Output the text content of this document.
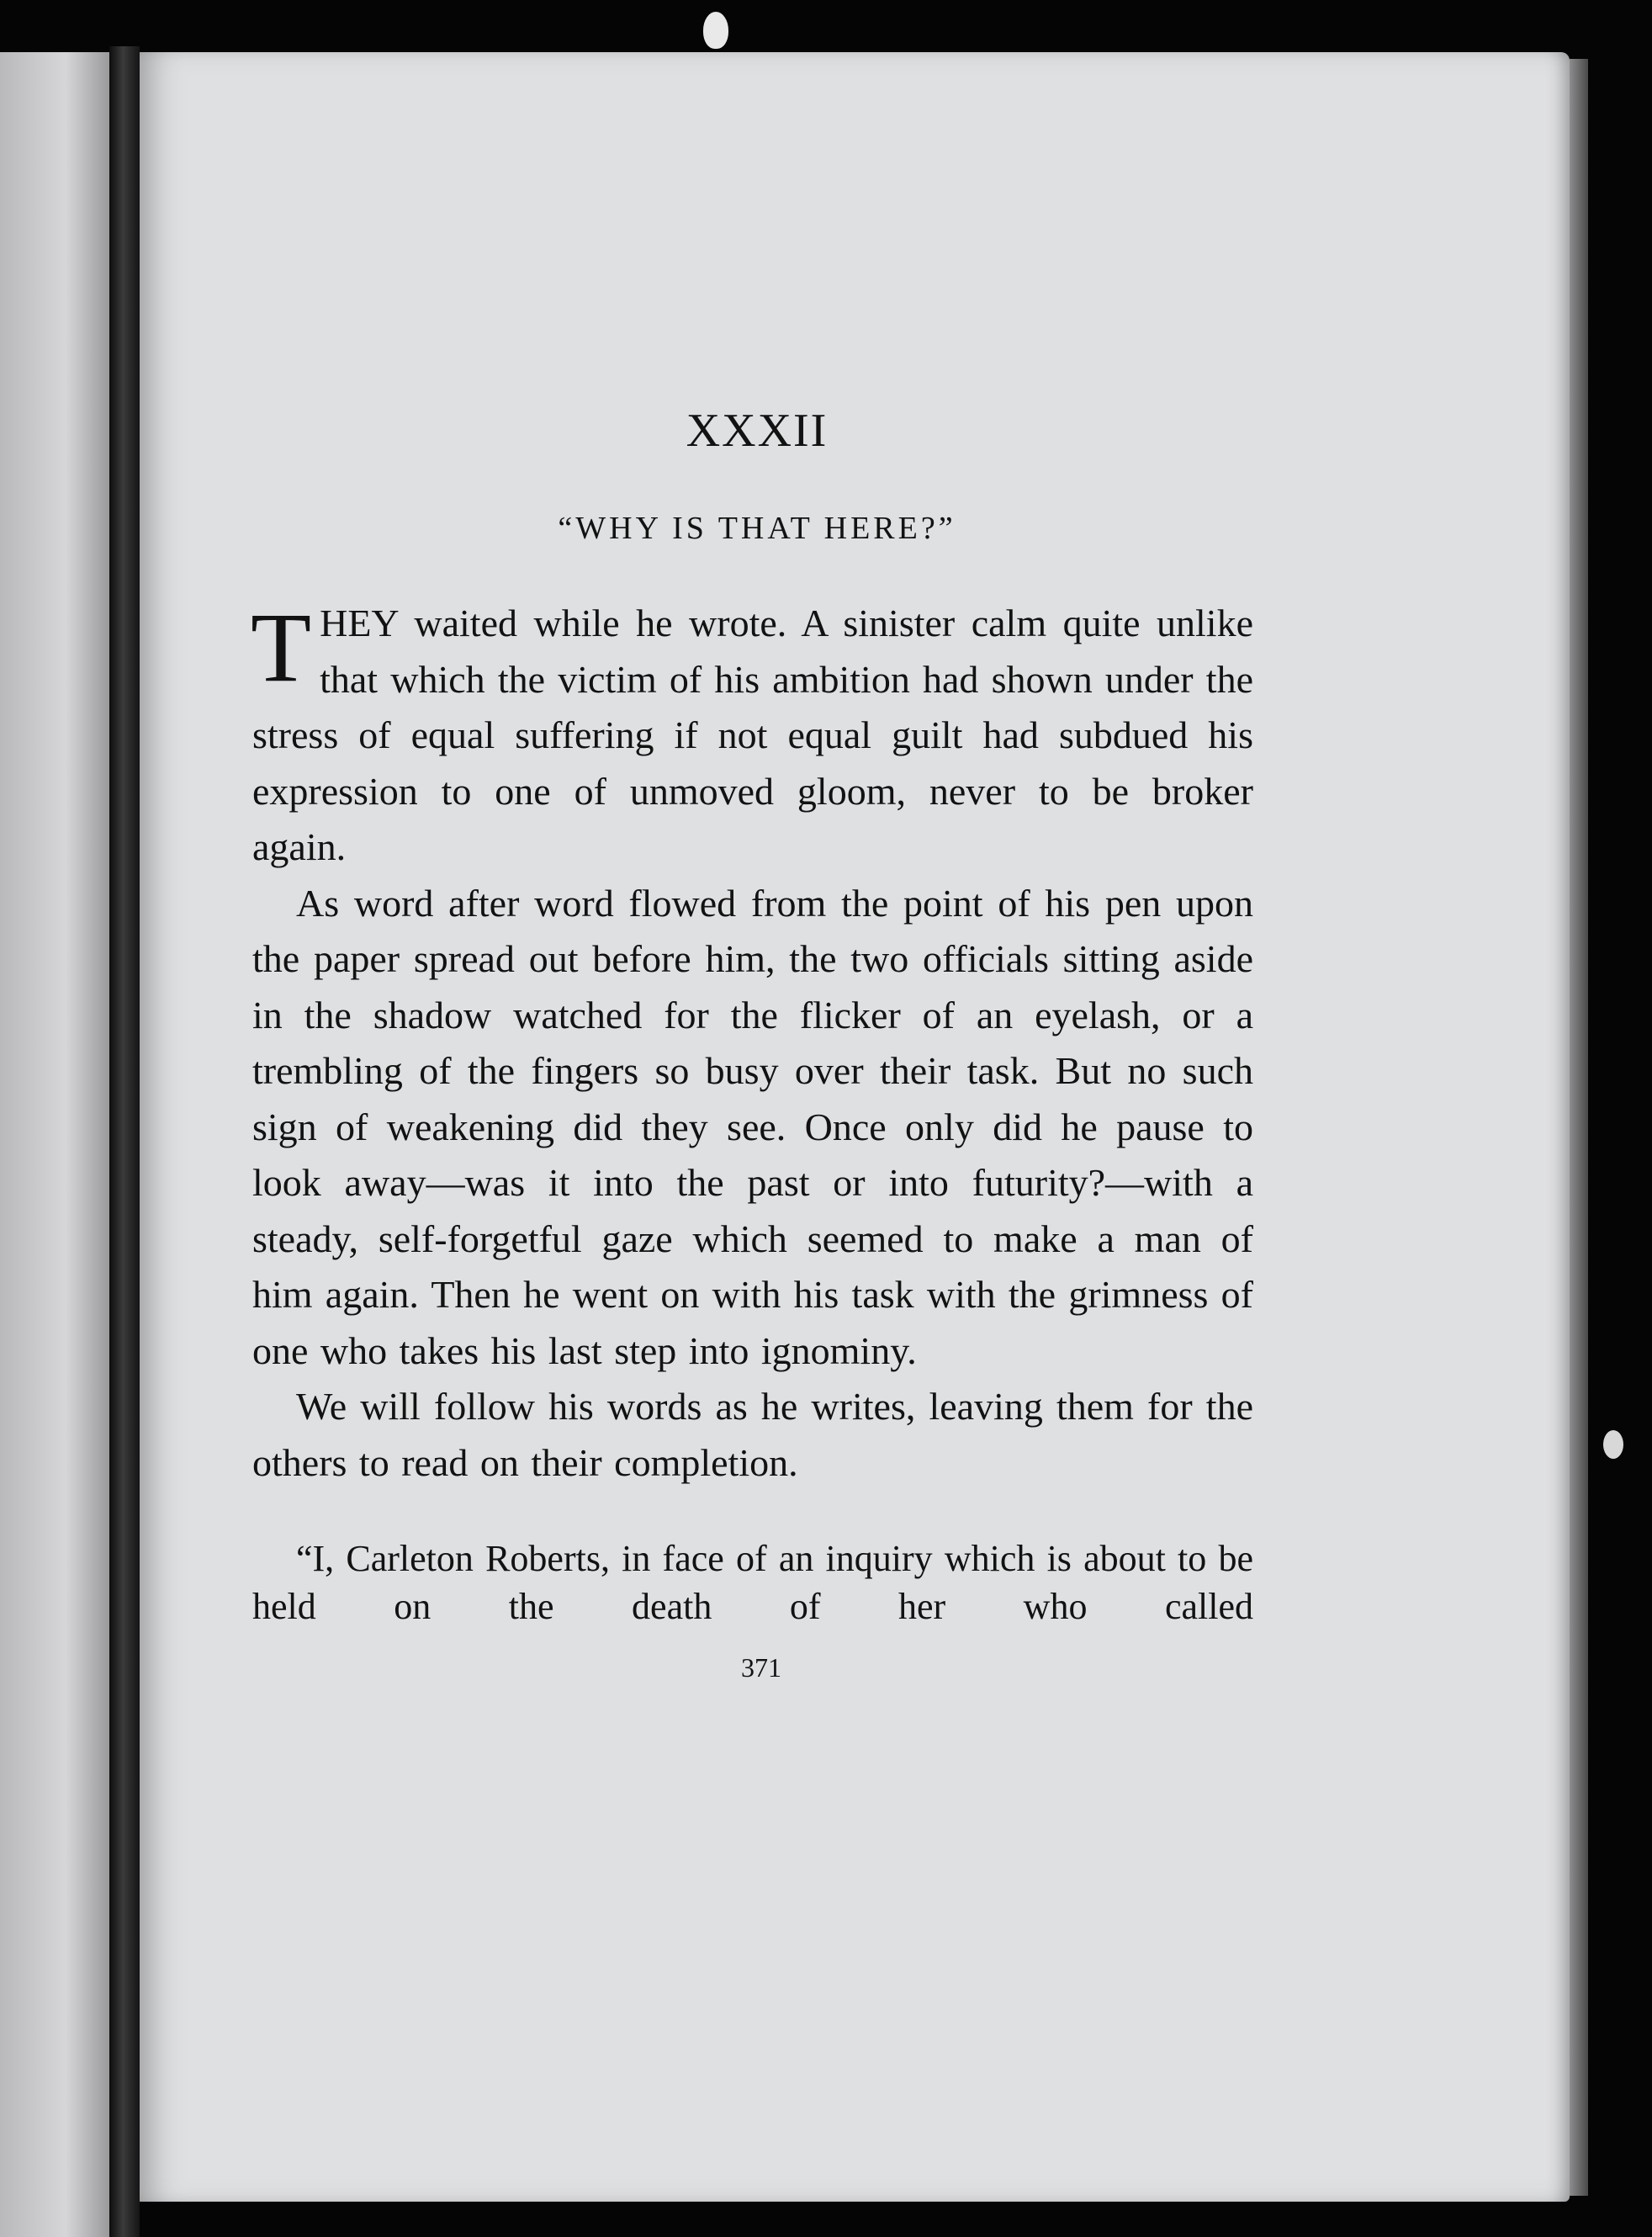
XXXII
“WHY IS THAT HERE?”

THEY waited while he wrote. A sinister calm quite unlike that which the victim of his ambition had shown under the stress of equal suffering if not equal guilt had subdued his expression to one of unmoved gloom, never to be broker again.

As word after word flowed from the point of his pen upon the paper spread out before him, the two officials sitting aside in the shadow watched for the flicker of an eyelash, or a trembling of the fingers so busy over their task. But no such sign of weakening did they see. Once only did he pause to look away—was it into the past or into futurity?—with a steady, self-forgetful gaze which seemed to make a man of him again. Then he went on with his task with the grimness of one who takes his last step into ignominy.

We will follow his words as he writes, leaving them for the others to read on their completion.

“I, Carleton Roberts, in face of an inquiry which is about to be held on the death of her who called

371
